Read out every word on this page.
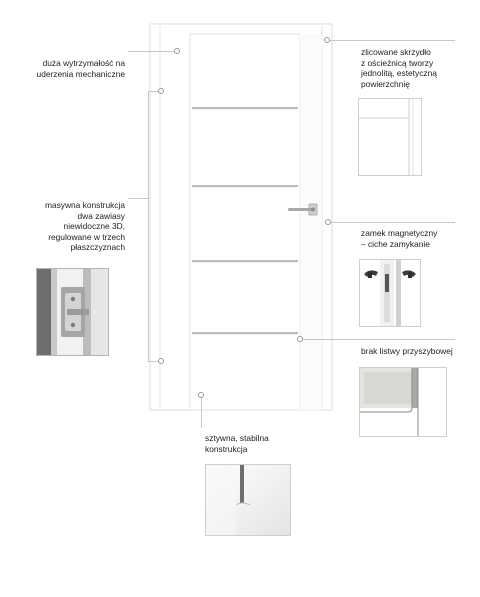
duża wytrzymałość na
uderzenia mechaniczne
zlicowane skrzydło
z ościeżnicą tworzy
jednolitą, estetyczną
powierzchnię
masywna konstrukcja
dwa zawiasy
niewidoczne 3D,
regulowane w trzech
płaszczyznach
zamek magnetyczny
– ciche zamykanie
brak listwy przyszybowej
sztywna, stabilna
konstrukcja
